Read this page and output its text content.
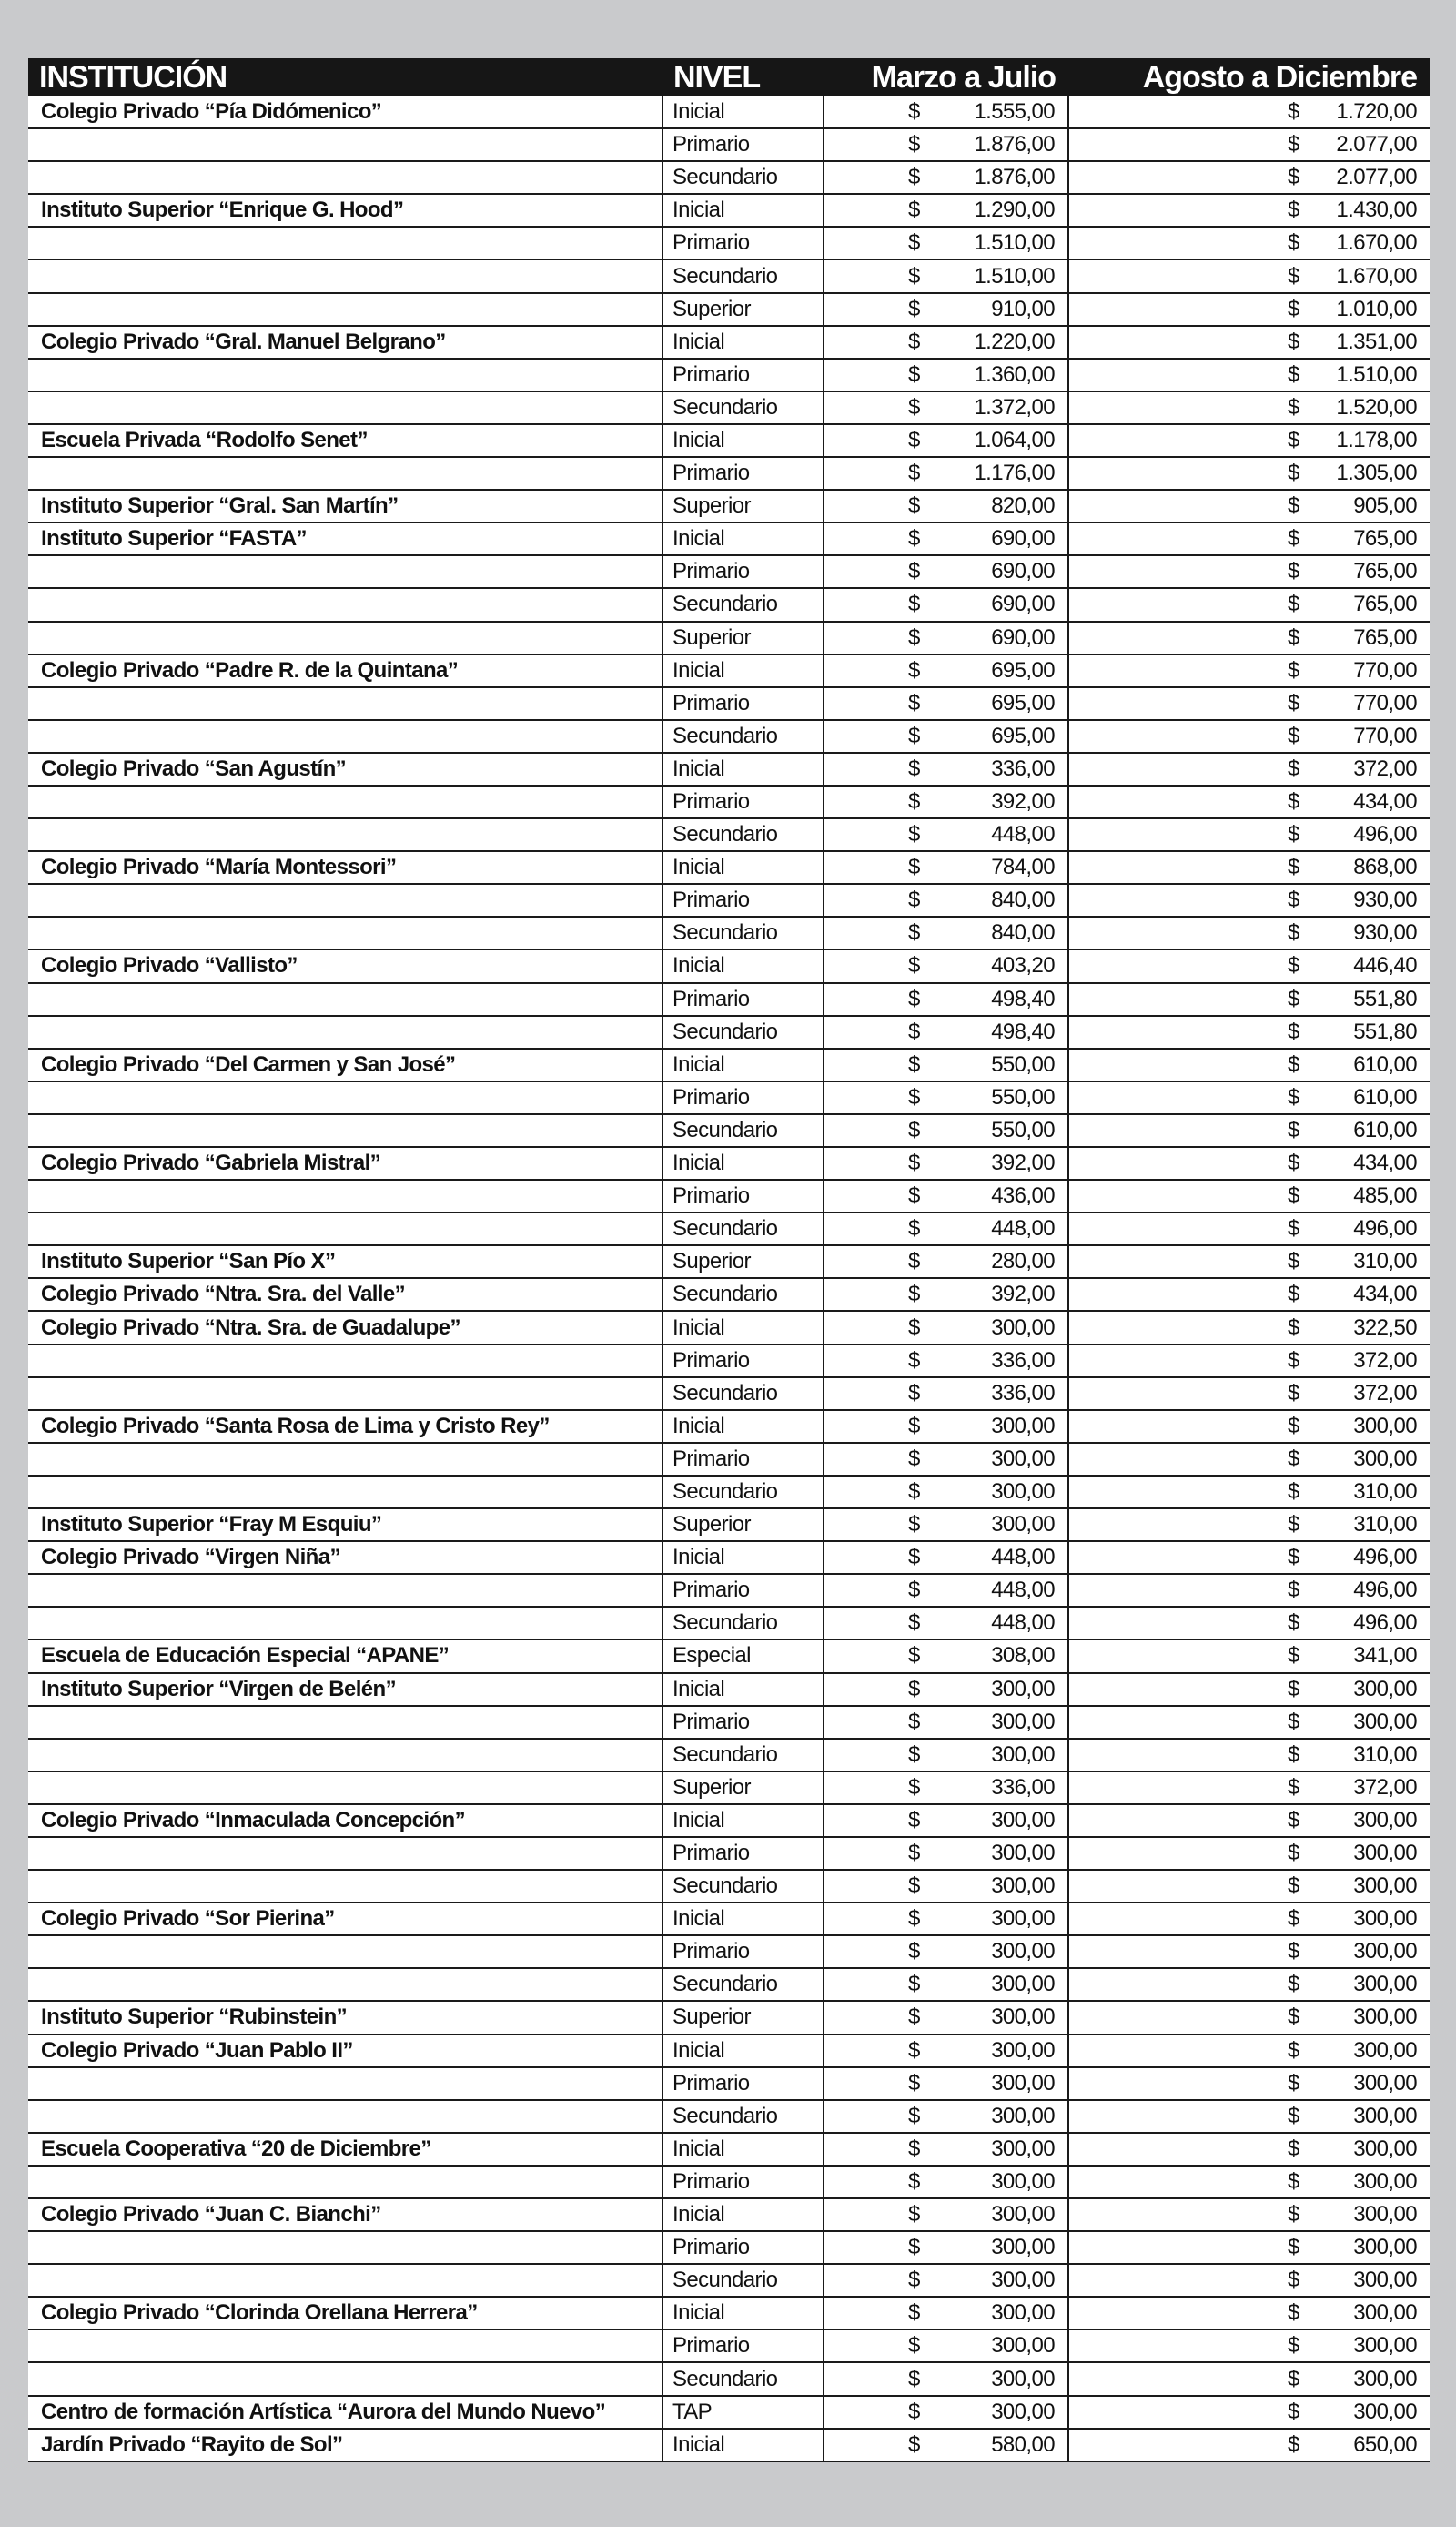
INSTITUCIÓN	NIVEL	Marzo a Julio	Agosto a Diciembre
Colegio Privado “Pía Didómenico”	Inicial	$ 1.555,00	$ 1.720,00

	Primario	$ 1.876,00	$ 2.077,00

	Secundario	$ 1.876,00	$ 2.077,00

Instituto Superior “Enrique G. Hood”	Inicial	$ 1.290,00	$ 1.430,00

	Primario	$ 1.510,00	$ 1.670,00

	Secundario	$ 1.510,00	$ 1.670,00

	Superior	$ 910,00	$ 1.010,00

Colegio Privado “Gral. Manuel Belgrano”	Inicial	$ 1.220,00	$ 1.351,00

	Primario	$ 1.360,00	$ 1.510,00

	Secundario	$ 1.372,00	$ 1.520,00

Escuela Privada “Rodolfo Senet”	Inicial	$ 1.064,00	$ 1.178,00

	Primario	$ 1.176,00	$ 1.305,00

Instituto Superior “Gral. San Martín”	Superior	$ 820,00	$ 905,00

Instituto Superior “FASTA”	Inicial	$ 690,00	$ 765,00

	Primario	$ 690,00	$ 765,00

	Secundario	$ 690,00	$ 765,00

	Superior	$ 690,00	$ 765,00

Colegio Privado “Padre R. de la Quintana”	Inicial	$ 695,00	$ 770,00

	Primario	$ 695,00	$ 770,00

	Secundario	$ 695,00	$ 770,00

Colegio Privado “San Agustín”	Inicial	$ 336,00	$ 372,00

	Primario	$ 392,00	$ 434,00

	Secundario	$ 448,00	$ 496,00

Colegio Privado “María Montessori”	Inicial	$ 784,00	$ 868,00

	Primario	$ 840,00	$ 930,00

	Secundario	$ 840,00	$ 930,00

Colegio Privado “Vallisto”	Inicial	$ 403,20	$ 446,40

	Primario	$ 498,40	$ 551,80

	Secundario	$ 498,40	$ 551,80

Colegio Privado “Del Carmen y San José”	Inicial	$ 550,00	$ 610,00

	Primario	$ 550,00	$ 610,00

	Secundario	$ 550,00	$ 610,00

Colegio Privado “Gabriela Mistral”	Inicial	$ 392,00	$ 434,00

	Primario	$ 436,00	$ 485,00

	Secundario	$ 448,00	$ 496,00

Instituto Superior “San Pío X”	Superior	$ 280,00	$ 310,00

Colegio Privado “Ntra. Sra. del Valle”	Secundario	$ 392,00	$ 434,00

Colegio Privado “Ntra. Sra. de Guadalupe”	Inicial	$ 300,00	$ 322,50

	Primario	$ 336,00	$ 372,00

	Secundario	$ 336,00	$ 372,00

Colegio Privado “Santa Rosa de Lima y Cristo Rey”	Inicial	$ 300,00	$ 300,00

	Primario	$ 300,00	$ 300,00

	Secundario	$ 300,00	$ 310,00

Instituto Superior “Fray M Esquiu”	Superior	$ 300,00	$ 310,00

Colegio Privado “Virgen Niña”	Inicial	$ 448,00	$ 496,00

	Primario	$ 448,00	$ 496,00

	Secundario	$ 448,00	$ 496,00

Escuela de Educación Especial “APANE”	Especial	$ 308,00	$ 341,00

Instituto Superior “Virgen de Belén”	Inicial	$ 300,00	$ 300,00

	Primario	$ 300,00	$ 300,00

	Secundario	$ 300,00	$ 310,00

	Superior	$ 336,00	$ 372,00

Colegio Privado “Inmaculada Concepción”	Inicial	$ 300,00	$ 300,00

	Primario	$ 300,00	$ 300,00

	Secundario	$ 300,00	$ 300,00

Colegio Privado “Sor Pierina”	Inicial	$ 300,00	$ 300,00

	Primario	$ 300,00	$ 300,00

	Secundario	$ 300,00	$ 300,00

Instituto Superior “Rubinstein”	Superior	$ 300,00	$ 300,00

Colegio Privado “Juan Pablo II”	Inicial	$ 300,00	$ 300,00

	Primario	$ 300,00	$ 300,00

	Secundario	$ 300,00	$ 300,00

Escuela Cooperativa “20 de Diciembre”	Inicial	$ 300,00	$ 300,00

	Primario	$ 300,00	$ 300,00

Colegio Privado “Juan C. Bianchi”	Inicial	$ 300,00	$ 300,00

	Primario	$ 300,00	$ 300,00

	Secundario	$ 300,00	$ 300,00

Colegio Privado “Clorinda Orellana Herrera”	Inicial	$ 300,00	$ 300,00

	Primario	$ 300,00	$ 300,00

	Secundario	$ 300,00	$ 300,00

Centro de formación Artística “Aurora del Mundo Nuevo”	TAP	$ 300,00	$ 300,00

Jardín Privado “Rayito de Sol”	Inicial	$ 580,00	$ 650,00
